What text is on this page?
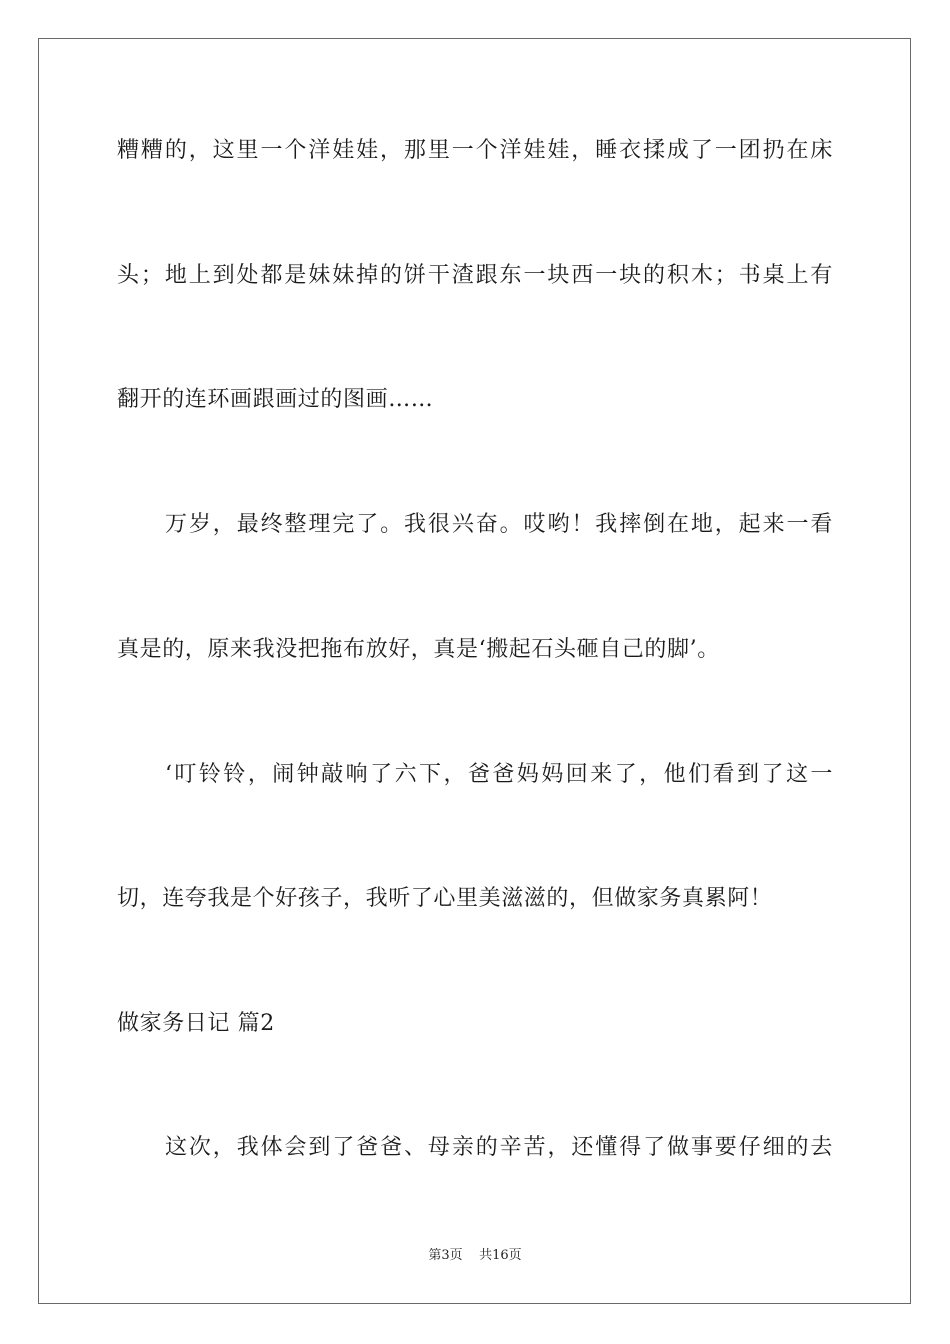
糟糟的，这里一个洋娃娃，那里一个洋娃娃，睡衣揉成了一团扔在床
头；地上到处都是妹妹掉的饼干渣跟东一块西一块的积木；书桌上有
翻开的连环画跟画过的图画……
万岁，最终整理完了。我很兴奋。哎哟！我摔倒在地，起来一看
真是的，原来我没把拖布放好，真是‘搬起石头砸自己的脚’。
‘叮铃铃，闹钟敲响了六下，爸爸妈妈回来了，他们看到了这一
切，连夸我是个好孩子，我听了心里美滋滋的，但做家务真累阿！
做家务日记 篇2
这次，我体会到了爸爸、母亲的辛苦，还懂得了做事要仔细的去
第3页 共16页
